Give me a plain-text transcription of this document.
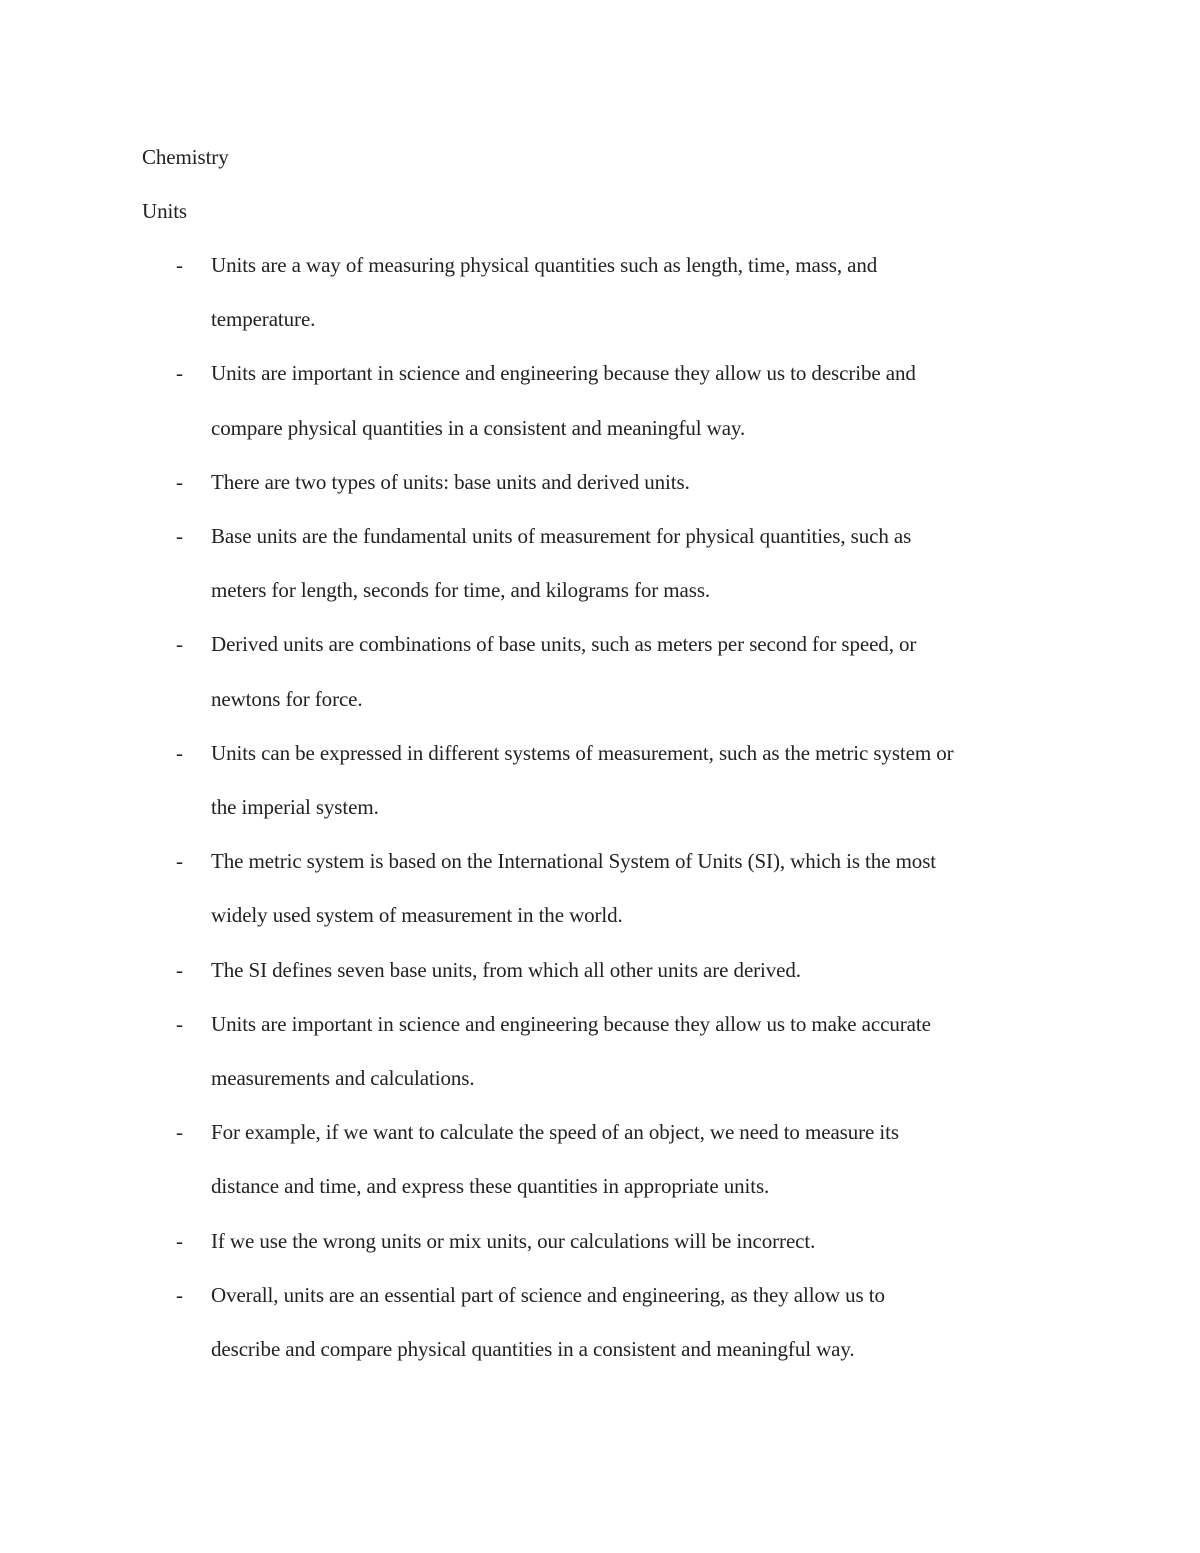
Chemistry
Units
- Units are a way of measuring physical quantities such as length, time, mass, and
temperature.
- Units are important in science and engineering because they allow us to describe and
compare physical quantities in a consistent and meaningful way.
- There are two types of units: base units and derived units.
- Base units are the fundamental units of measurement for physical quantities, such as
meters for length, seconds for time, and kilograms for mass.
- Derived units are combinations of base units, such as meters per second for speed, or
newtons for force.
- Units can be expressed in different systems of measurement, such as the metric system or
the imperial system.
- The metric system is based on the International System of Units (SI), which is the most
widely used system of measurement in the world.
- The SI defines seven base units, from which all other units are derived.
- Units are important in science and engineering because they allow us to make accurate
measurements and calculations.
- For example, if we want to calculate the speed of an object, we need to measure its
distance and time, and express these quantities in appropriate units.
- If we use the wrong units or mix units, our calculations will be incorrect.
- Overall, units are an essential part of science and engineering, as they allow us to
describe and compare physical quantities in a consistent and meaningful way.
